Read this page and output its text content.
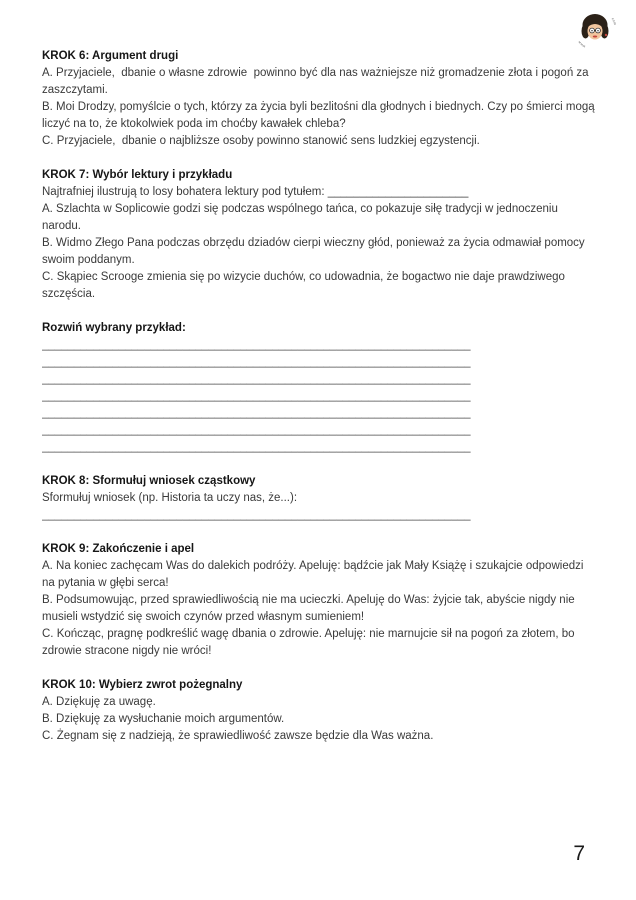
www
com
KROK 6: Argument drugi

A. Przyjaciele,  dbanie o własne zdrowie  powinno być dla nas ważniejsze niż gromadzenie złota i pogoń za zaszczytami.

B. Moi Drodzy, pomyślcie o tych, którzy za życia byli bezlitośni dla głodnych i biednych. Czy po śmierci mogą liczyć na to, że ktokolwiek poda im choćby kawałek chleba?

C. Przyjaciele,  dbanie o najbliższe osoby powinno stanowić sens ludzkiej egzystencji.

KROK 7: Wybór lektury i przykładu

Najtrafniej ilustrują to losy bohatera lektury pod tytułem: ______________________

A. Szlachta w Soplicowie godzi się podczas wspólnego tańca, co pokazuje siłę tradycji w jednoczeniu narodu.

B. Widmo Złego Pana podczas obrzędu dziadów cierpi wieczny głód, ponieważ za życia odmawiał pomocy swoim poddanym.

C. Skąpiec Scrooge zmienia się po wizycie duchów, co udowadnia, że bogactwo nie daje prawdziwego szczęścia.

Rozwiń wybrany przykład:
___________________________________________________________________
___________________________________________________________________
___________________________________________________________________
___________________________________________________________________
___________________________________________________________________
___________________________________________________________________
___________________________________________________________________
KROK 8: Sformułuj wniosek cząstkowy

Sformułuj wniosek (np. Historia ta uczy nas, że...):

___________________________________________________________________
KROK 9: Zakończenie i apel

A. Na koniec zachęcam Was do dalekich podróży. Apeluję: bądźcie jak Mały Książę i szukajcie odpowiedzi na pytania w głębi serca!

B. Podsumowując, przed sprawiedliwością nie ma ucieczki. Apeluję do Was: żyjcie tak, abyście nigdy nie musieli wstydzić się swoich czynów przed własnym sumieniem!

C. Kończąc, pragnę podkreślić wagę dbania o zdrowie. Apeluję: nie marnujcie sił na pogoń za złotem, bo zdrowie stracone nigdy nie wróci!

KROK 10: Wybierz zwrot pożegnalny

A. Dziękuję za uwagę.

B. Dziękuję za wysłuchanie moich argumentów.

C. Żegnam się z nadzieją, że sprawiedliwość zawsze będzie dla Was ważna.

7
